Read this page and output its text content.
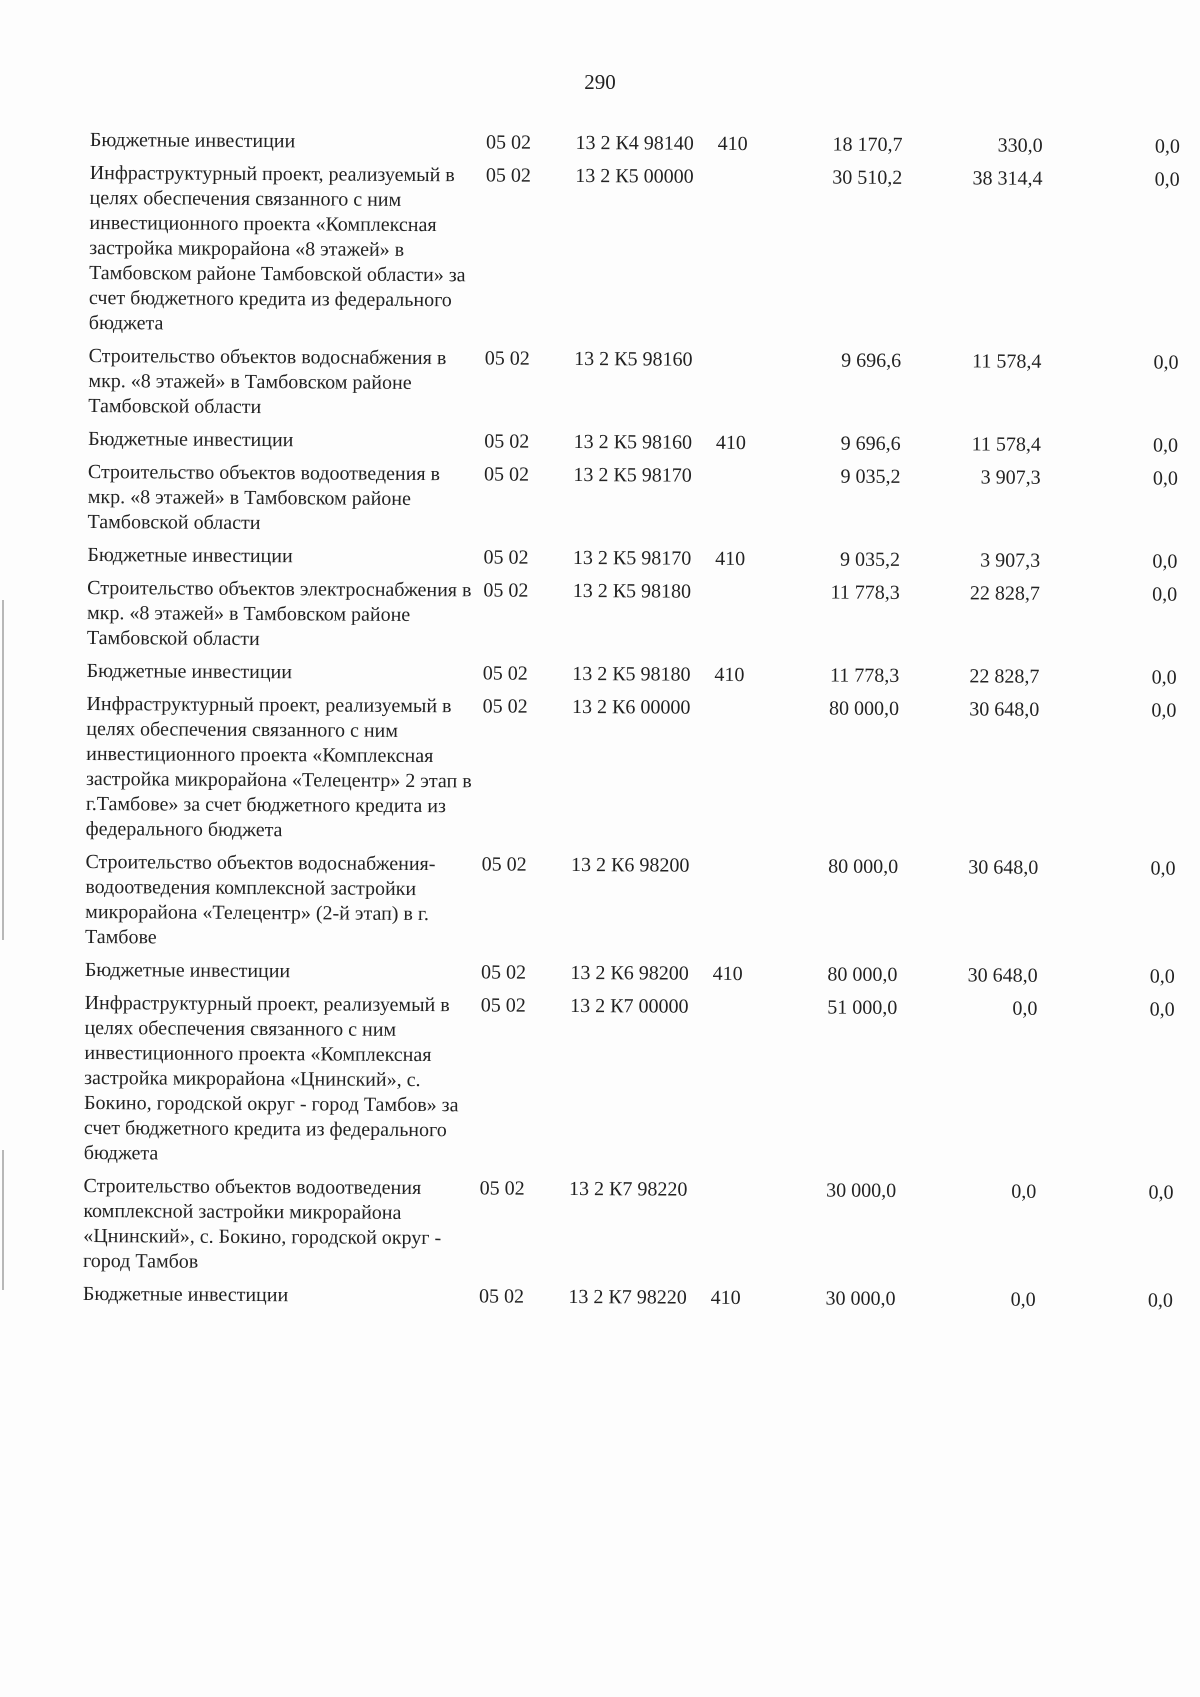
290
Бюджетные инвестиции	05 02	13 2 К4 98140	410	18 170,7	330,0	0,0
Инфраструктурный проект, реализуемый в целях обеспечения связанного с ним инвестиционного проекта «Комплексная застройка микрорайона «8 этажей» в Тамбовском районе Тамбовской области» за счет бюджетного кредита из федерального бюджета	05 02	13 2 К5 00000		30 510,2	38 314,4	0,0
Строительство объектов водоснабжения в мкр. «8 этажей» в Тамбовском районе Тамбовской области	05 02	13 2 К5 98160		9 696,6	11 578,4	0,0
Бюджетные инвестиции	05 02	13 2 К5 98160	410	9 696,6	11 578,4	0,0
Строительство объектов водоотведения в мкр. «8 этажей» в Тамбовском районе Тамбовской области	05 02	13 2 К5 98170		9 035,2	3 907,3	0,0
Бюджетные инвестиции	05 02	13 2 К5 98170	410	9 035,2	3 907,3	0,0
Строительство объектов электроснабжения в мкр. «8 этажей» в Тамбовском районе Тамбовской области	05 02	13 2 К5 98180		11 778,3	22 828,7	0,0
Бюджетные инвестиции	05 02	13 2 К5 98180	410	11 778,3	22 828,7	0,0
Инфраструктурный проект, реализуемый в целях обеспечения связанного с ним инвестиционного проекта «Комплексная застройка микрорайона «Телецентр» 2 этап в г.Тамбове» за счет бюджетного кредита из федерального бюджета	05 02	13 2 К6 00000		80 000,0	30 648,0	0,0
Строительство объектов водоснабжения-водоотведения комплексной застройки микрорайона «Телецентр» (2-й этап) в г. Тамбове	05 02	13 2 К6 98200		80 000,0	30 648,0	0,0
Бюджетные инвестиции	05 02	13 2 К6 98200	410	80 000,0	30 648,0	0,0
Инфраструктурный проект, реализуемый в целях обеспечения связанного с ним инвестиционного проекта «Комплексная застройка микрорайона «Цнинский», с. Бокино, городской округ - город Тамбов» за счет бюджетного кредита из федерального бюджета	05 02	13 2 К7 00000		51 000,0	0,0	0,0
Строительство объектов водоотведения комплексной застройки микрорайона «Цнинский», с. Бокино, городской округ - город Тамбов	05 02	13 2 К7 98220		30 000,0	0,0	0,0
Бюджетные инвестиции	05 02	13 2 К7 98220	410	30 000,0	0,0	0,0
